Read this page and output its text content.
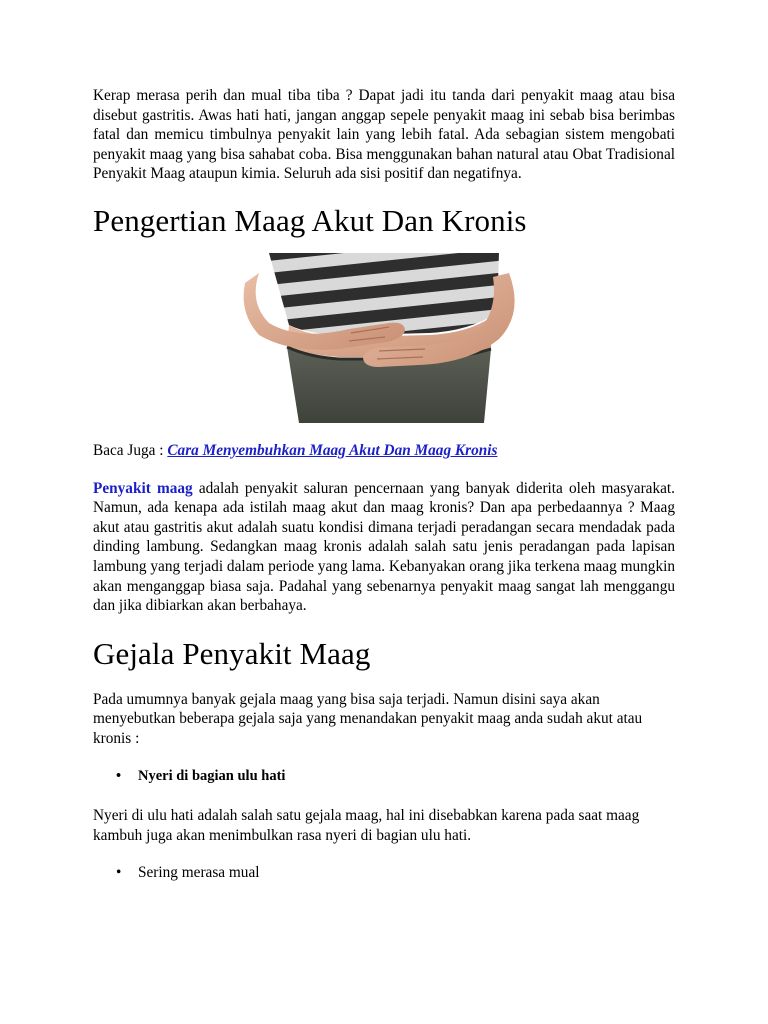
Kerap merasa perih dan mual tiba tiba ? Dapat jadi itu tanda dari penyakit maag atau bisa disebut gastritis. Awas hati hati, jangan anggap sepele penyakit maag ini sebab bisa berimbas fatal dan memicu timbulnya penyakit lain yang lebih fatal. Ada sebagian sistem mengobati penyakit maag yang bisa sahabat coba. Bisa menggunakan bahan natural atau Obat Tradisional Penyakit Maag ataupun kimia. Seluruh ada sisi positif dan negatifnya.

Pengertian Maag Akut Dan Kronis

Baca Juga : Cara Menyembuhkan Maag Akut Dan Maag Kronis

Penyakit maag adalah penyakit saluran pencernaan yang banyak diderita oleh masyarakat. Namun, ada kenapa ada istilah maag akut dan maag kronis? Dan apa perbedaannya ? Maag akut atau gastritis akut adalah suatu kondisi dimana terjadi peradangan secara mendadak pada dinding lambung. Sedangkan maag kronis adalah salah satu jenis peradangan pada lapisan lambung yang terjadi dalam periode yang lama. Kebanyakan orang jika terkena maag mungkin akan menganggap biasa saja. Padahal yang sebenarnya penyakit maag sangat lah menggangu dan jika dibiarkan akan berbahaya.

Gejala Penyakit Maag

Pada umumnya banyak gejala maag yang bisa saja terjadi. Namun disini saya akan menyebutkan beberapa gejala saja yang menandakan penyakit maag anda sudah akut atau kronis :

• Nyeri di bagian ulu hati

Nyeri di ulu hati adalah salah satu gejala maag, hal ini disebabkan karena pada saat maag kambuh juga akan menimbulkan rasa nyeri di bagian ulu hati.

• Sering merasa mual
